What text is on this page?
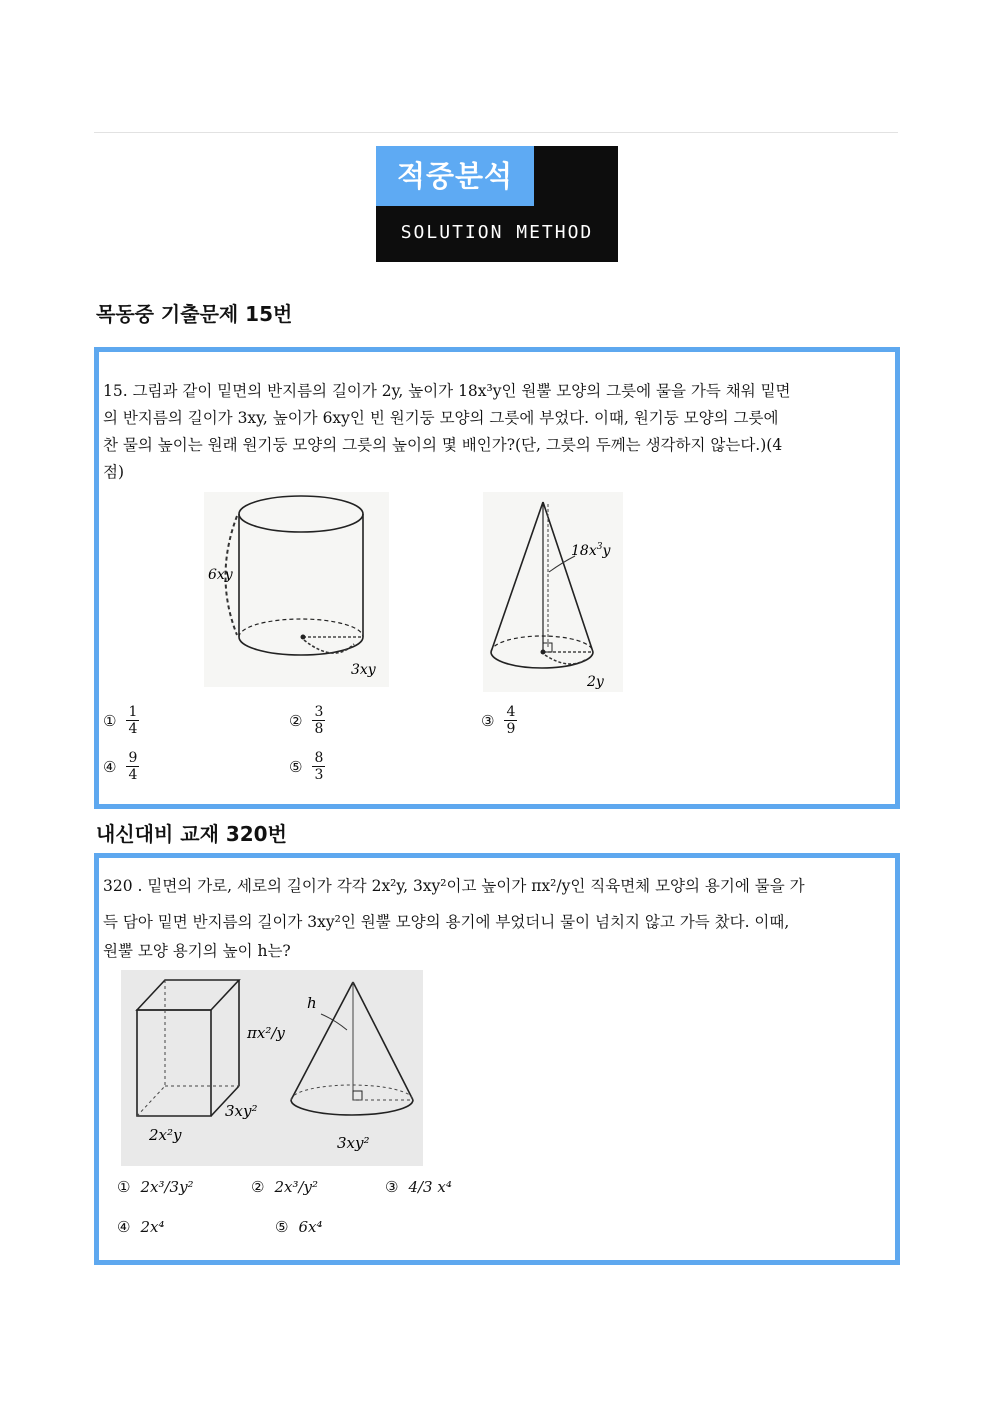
적중분석
SOLUTION METHOD
목동중 기출문제 15번
15. 그림과 같이 밑면의 반지름의 길이가 2y, 높이가 18x³y인 원뿔 모양의 그릇에 물을 가득 채워 밑면
의 반지름의 길이가 3xy, 높이가 6xy인 빈 원기둥 모양의 그릇에 부었다. 이때, 원기둥 모양의 그릇에
찬 물의 높이는 원래 원기둥 모양의 그릇의 높이의 몇 배인가?(단, 그릇의 두께는 생각하지 않는다.)(4
점)
6xy
3xy
$18x^3y$
2y
① $\frac{1}{4}$	② $\frac{3}{8}$	③ $\frac{4}{9}$
④ $\frac{9}{4}$	⑤ $\frac{8}{3}$
내신대비 교재 320번
320 . 밑면의 가로, 세로의 길이가 각각 2x²y, 3xy²이고 높이가 πx²/y인 직육면체 모양의 용기에 물을 가
득 담아 밑면 반지름의 길이가 3xy²인 원뿔 모양의 용기에 부었더니 물이 넘치지 않고 가득 찼다. 이때,
원뿔 모양 용기의 높이 h는?
πx²/y
3xy²
2x²y
h
3xy²
① 2x³/3y²	② 2x³/y²	③ 4/3 x⁴
④ 2x⁴	⑤ 6x⁴
